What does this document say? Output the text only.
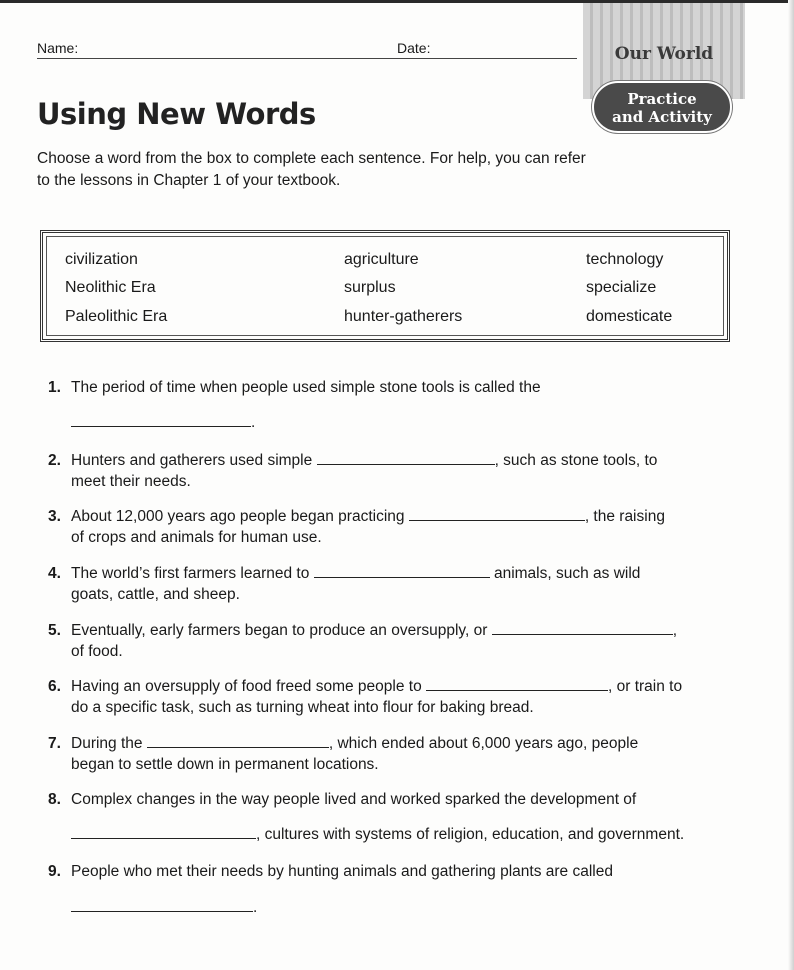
Name:	Date:	Our World
Practice
and Activity
Using New Words

Choose a word from the box to complete each sentence. For help, you can refer
to the lessons in Chapter 1 of your textbook.

civilization	agriculture	technology
Neolithic Era	surplus	specialize
Paleolithic Era	hunter-gatherers	domesticate
1. The period of time when people used simple stone tools is called the
.
2. Hunters and gatherers used simple	, such as stone tools, to
meet their needs.
3. About 12,000 years ago people began practicing	, the raising
of crops and animals for human use.
4. The world’s first farmers learned to	animals, such as wild
goats, cattle, and sheep.
5. Eventually, early farmers began to produce an oversupply, or	,
of food.
6. Having an oversupply of food freed some people to	, or train to
do a specific task, such as turning wheat into flour for baking bread.
7. During the	, which ended about 6,000 years ago, people
began to settle down in permanent locations.
8. Complex changes in the way people lived and worked sparked the development of
, cultures with systems of religion, education, and government.
9. People who met their needs by hunting animals and gathering plants are called
.
